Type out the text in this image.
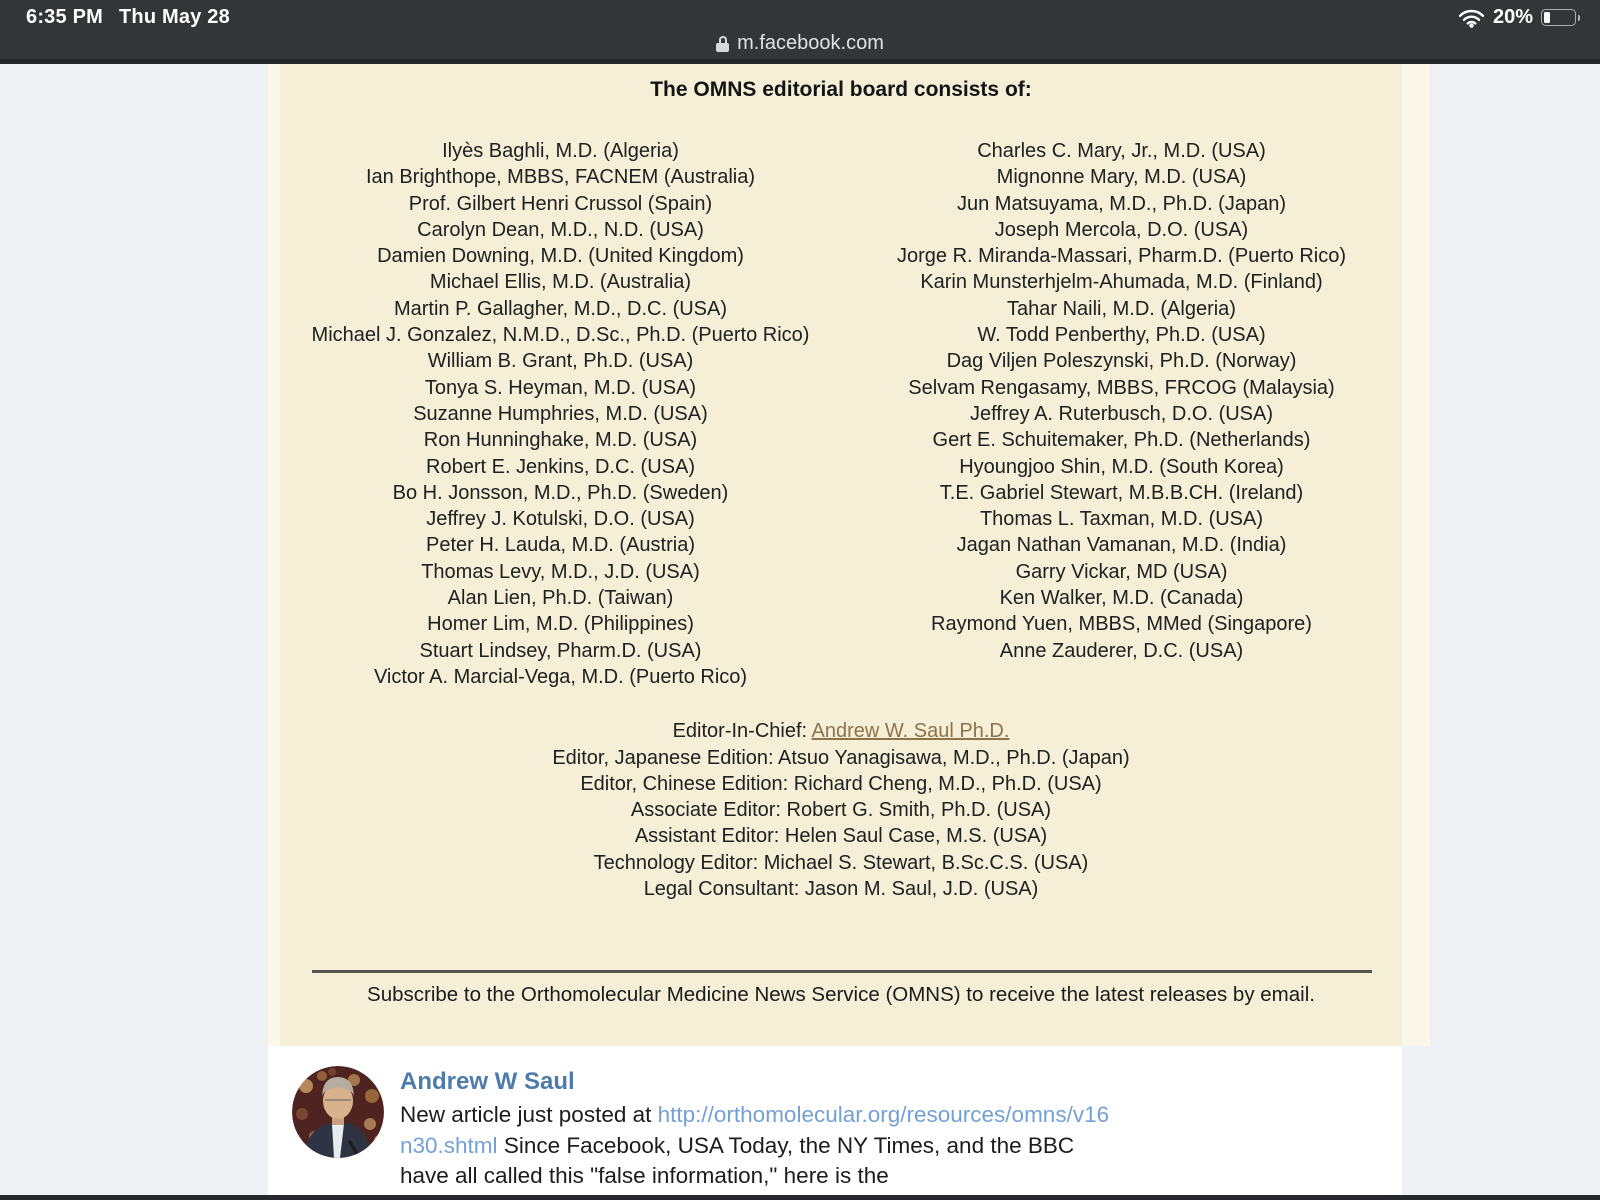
6:35 PM Thu May 28	20%
m.facebook.com
The OMNS editorial board consists of:
Ilyès Baghli, M.D. (Algeria)
Ian Brighthope, MBBS, FACNEM (Australia)
Prof. Gilbert Henri Crussol (Spain)
Carolyn Dean, M.D., N.D. (USA)
Damien Downing, M.D. (United Kingdom)
Michael Ellis, M.D. (Australia)
Martin P. Gallagher, M.D., D.C. (USA)
Michael J. Gonzalez, N.M.D., D.Sc., Ph.D. (Puerto Rico)
William B. Grant, Ph.D. (USA)
Tonya S. Heyman, M.D. (USA)
Suzanne Humphries, M.D. (USA)
Ron Hunninghake, M.D. (USA)
Robert E. Jenkins, D.C. (USA)
Bo H. Jonsson, M.D., Ph.D. (Sweden)
Jeffrey J. Kotulski, D.O. (USA)
Peter H. Lauda, M.D. (Austria)
Thomas Levy, M.D., J.D. (USA)
Alan Lien, Ph.D. (Taiwan)
Homer Lim, M.D. (Philippines)
Stuart Lindsey, Pharm.D. (USA)
Victor A. Marcial-Vega, M.D. (Puerto Rico)
Charles C. Mary, Jr., M.D. (USA)
Mignonne Mary, M.D. (USA)
Jun Matsuyama, M.D., Ph.D. (Japan)
Joseph Mercola, D.O. (USA)
Jorge R. Miranda-Massari, Pharm.D. (Puerto Rico)
Karin Munsterhjelm-Ahumada, M.D. (Finland)
Tahar Naili, M.D. (Algeria)
W. Todd Penberthy, Ph.D. (USA)
Dag Viljen Poleszynski, Ph.D. (Norway)
Selvam Rengasamy, MBBS, FRCOG (Malaysia)
Jeffrey A. Ruterbusch, D.O. (USA)
Gert E. Schuitemaker, Ph.D. (Netherlands)
Hyoungjoo Shin, M.D. (South Korea)
T.E. Gabriel Stewart, M.B.B.CH. (Ireland)
Thomas L. Taxman, M.D. (USA)
Jagan Nathan Vamanan, M.D. (India)
Garry Vickar, MD (USA)
Ken Walker, M.D. (Canada)
Raymond Yuen, MBBS, MMed (Singapore)
Anne Zauderer, D.C. (USA)
Editor-In-Chief: Andrew W. Saul Ph.D.
Editor, Japanese Edition: Atsuo Yanagisawa, M.D., Ph.D. (Japan)
Editor, Chinese Edition: Richard Cheng, M.D., Ph.D. (USA)
Associate Editor: Robert G. Smith, Ph.D. (USA)
Assistant Editor: Helen Saul Case, M.S. (USA)
Technology Editor: Michael S. Stewart, B.Sc.C.S. (USA)
Legal Consultant: Jason M. Saul, J.D. (USA)

Subscribe to the Orthomolecular Medicine News Service (OMNS) to receive the latest releases by email.

Andrew W Saul

New article just posted at http://orthomolecular.org/resources/omns/v16n30.shtml Since Facebook, USA Today, the NY Times, and the BBC have all called this "false information," here is the
